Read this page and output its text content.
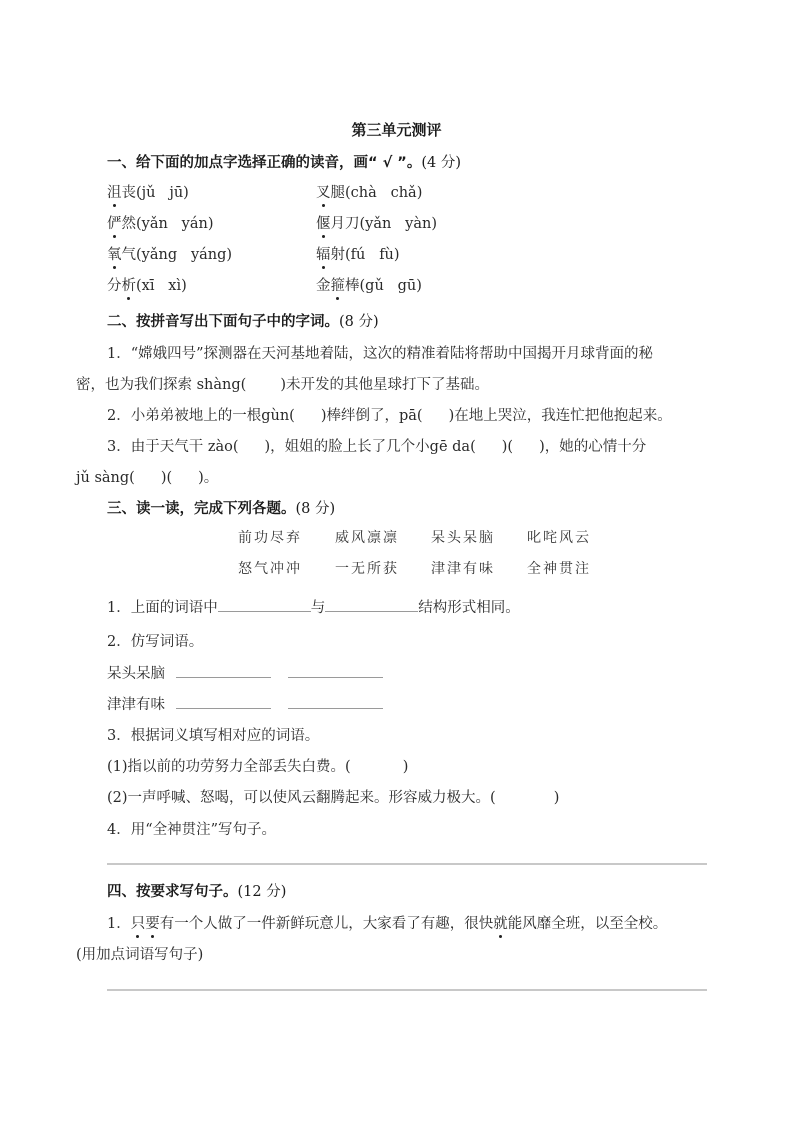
第三单元测评
一、给下面的加点字选择正确的读音，画“ √ ”。(4 分)
沮丧(jǔ   jū)	叉腿(chà   chǎ)
俨然(yǎn   yán)	偃月刀(yǎn   yàn)
氧气(yǎng   yáng)	辐射(fú   fù)
分析(xī   xì)	金箍棒(gǔ   gū)
二、按拼音写出下面句子中的字词。(8 分)
1．“嫦娥四号”探测器在天河基地着陆，这次的精准着陆将帮助中国揭开月球背面的秘
密，也为我们探索 shàng( )未开发的其他星球打下了基础。
2．小弟弟被地上的一根gùn( )棒绊倒了，pā( )在地上哭泣，我连忙把他抱起来。
3．由于天气干 zào( )，姐姐的脸上长了几个小gē da( )( )，她的心情十分
jǔ sàng( )( )。
三、读一读，完成下列各题。(8 分)
前功尽弃 威风凛凛 呆头呆脑 叱咤风云
怒气冲冲 一无所获 津津有味 全神贯注
1．上面的词语中	与	结构形式相同。
2．仿写词语。
呆头呆脑
津津有味
3．根据词义填写相对应的词语。
(1)指以前的功劳努力全部丢失白费。(	)
(2)一声呼喊、怒喝，可以使风云翻腾起来。形容威力极大。(	)
4．用“全神贯注”写句子。
四、按要求写句子。(12 分)
1．只要有一个人做了一件新鲜玩意儿，大家看了有趣，很快就能风靡全班，以至全校。
(用加点词语写句子)
